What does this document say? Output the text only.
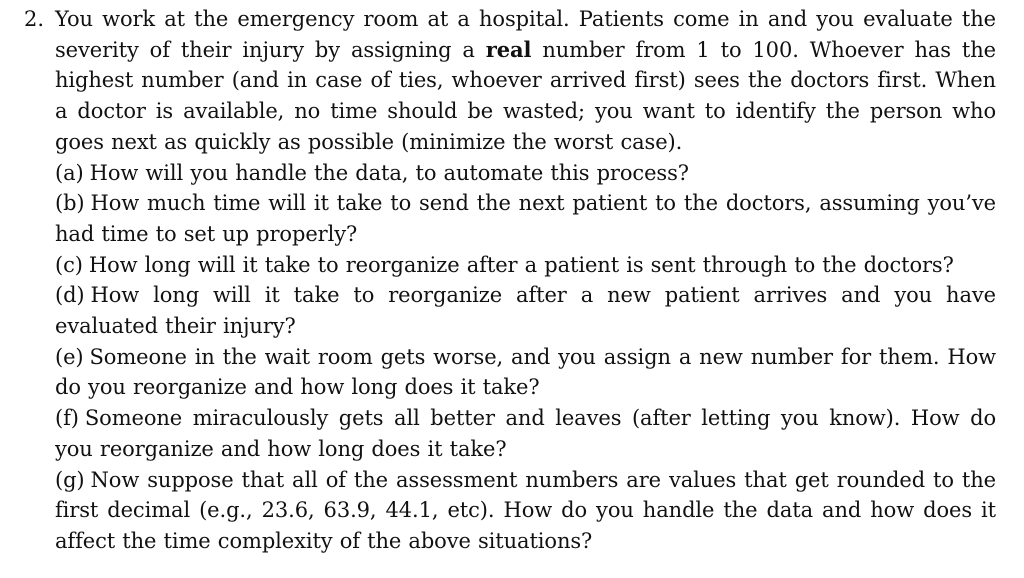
2. You work at the emergency room at a hospital. Patients come in and you evaluate the severity of their injury by assigning a real number from 1 to 100. Whoever has the highest number (and in case of ties, whoever arrived first) sees the doctors first. When a doctor is available, no time should be wasted; you want to identify the person who goes next as quickly as possible (minimize the worst case).

(a) How will you handle the data, to automate this process?
(b) How much time will it take to send the next patient to the doctors, assuming you’ve had time to set up properly?
(c) How long will it take to reorganize after a patient is sent through to the doctors?
(d) How long will it take to reorganize after a new patient arrives and you have evaluated their injury?
(e) Someone in the wait room gets worse, and you assign a new number for them. How do you reorganize and how long does it take?
(f) Someone miraculously gets all better and leaves (after letting you know). How do you reorganize and how long does it take?
(g) Now suppose that all of the assessment numbers are values that get rounded to the first decimal (e.g., 23.6, 63.9, 44.1, etc). How do you handle the data and how does it affect the time complexity of the above situations?
